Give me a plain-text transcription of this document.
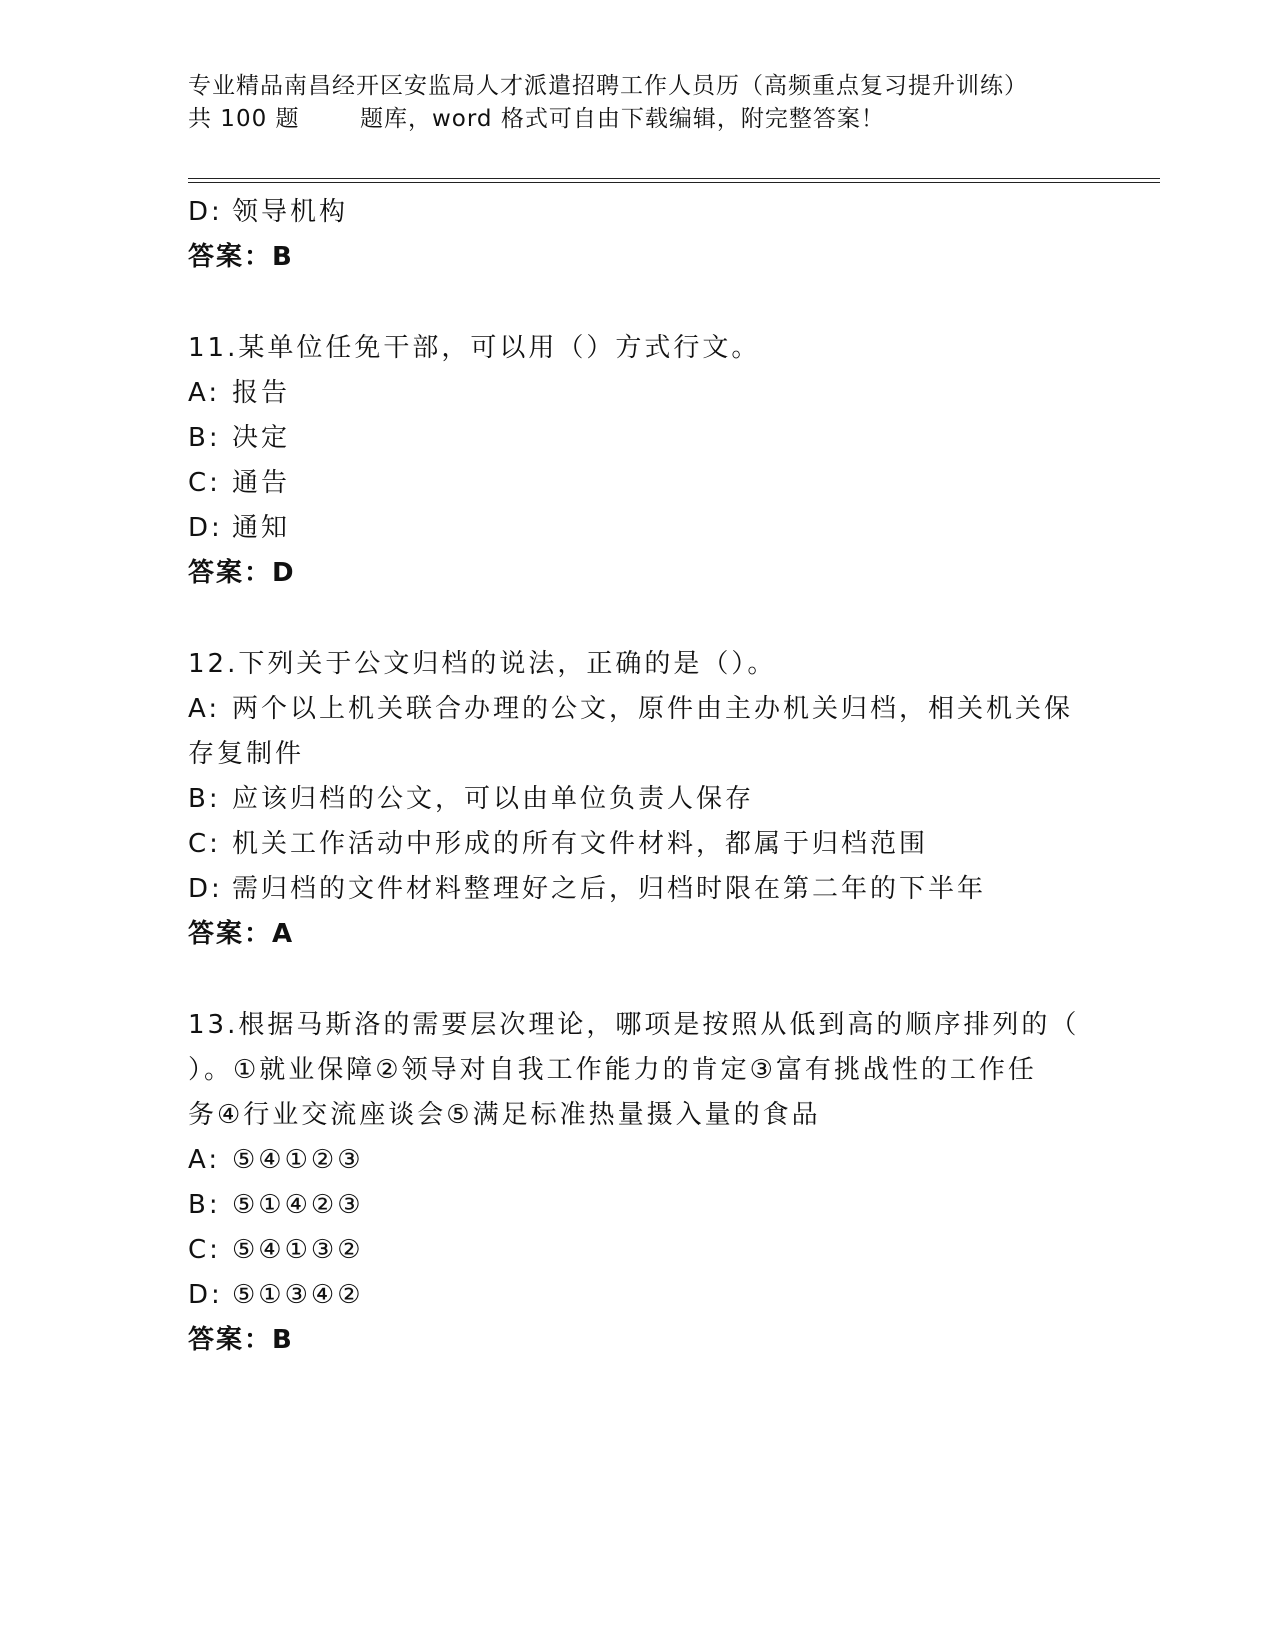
专业精品南昌经开区安监局人才派遣招聘工作人员历（高频重点复习提升训练）
共 100 题	题库，word 格式可自由下载编辑，附完整答案！
D: 领导机构
答案：B
11.某单位任免干部，可以用（）方式行文。
A: 报告
B: 决定
C: 通告
D: 通知
答案：D
12.下列关于公文归档的说法，正确的是（）。
A: 两个以上机关联合办理的公文，原件由主办机关归档，相关机关保
存复制件
B: 应该归档的公文，可以由单位负责人保存
C: 机关工作活动中形成的所有文件材料，都属于归档范围
D: 需归档的文件材料整理好之后，归档时限在第二年的下半年
答案：A
13.根据马斯洛的需要层次理论，哪项是按照从低到高的顺序排列的（
）。①就业保障②领导对自我工作能力的肯定③富有挑战性的工作任
务④行业交流座谈会⑤满足标准热量摄入量的食品
A: ⑤④①②③
B: ⑤①④②③
C: ⑤④①③②
D: ⑤①③④②
答案：B
